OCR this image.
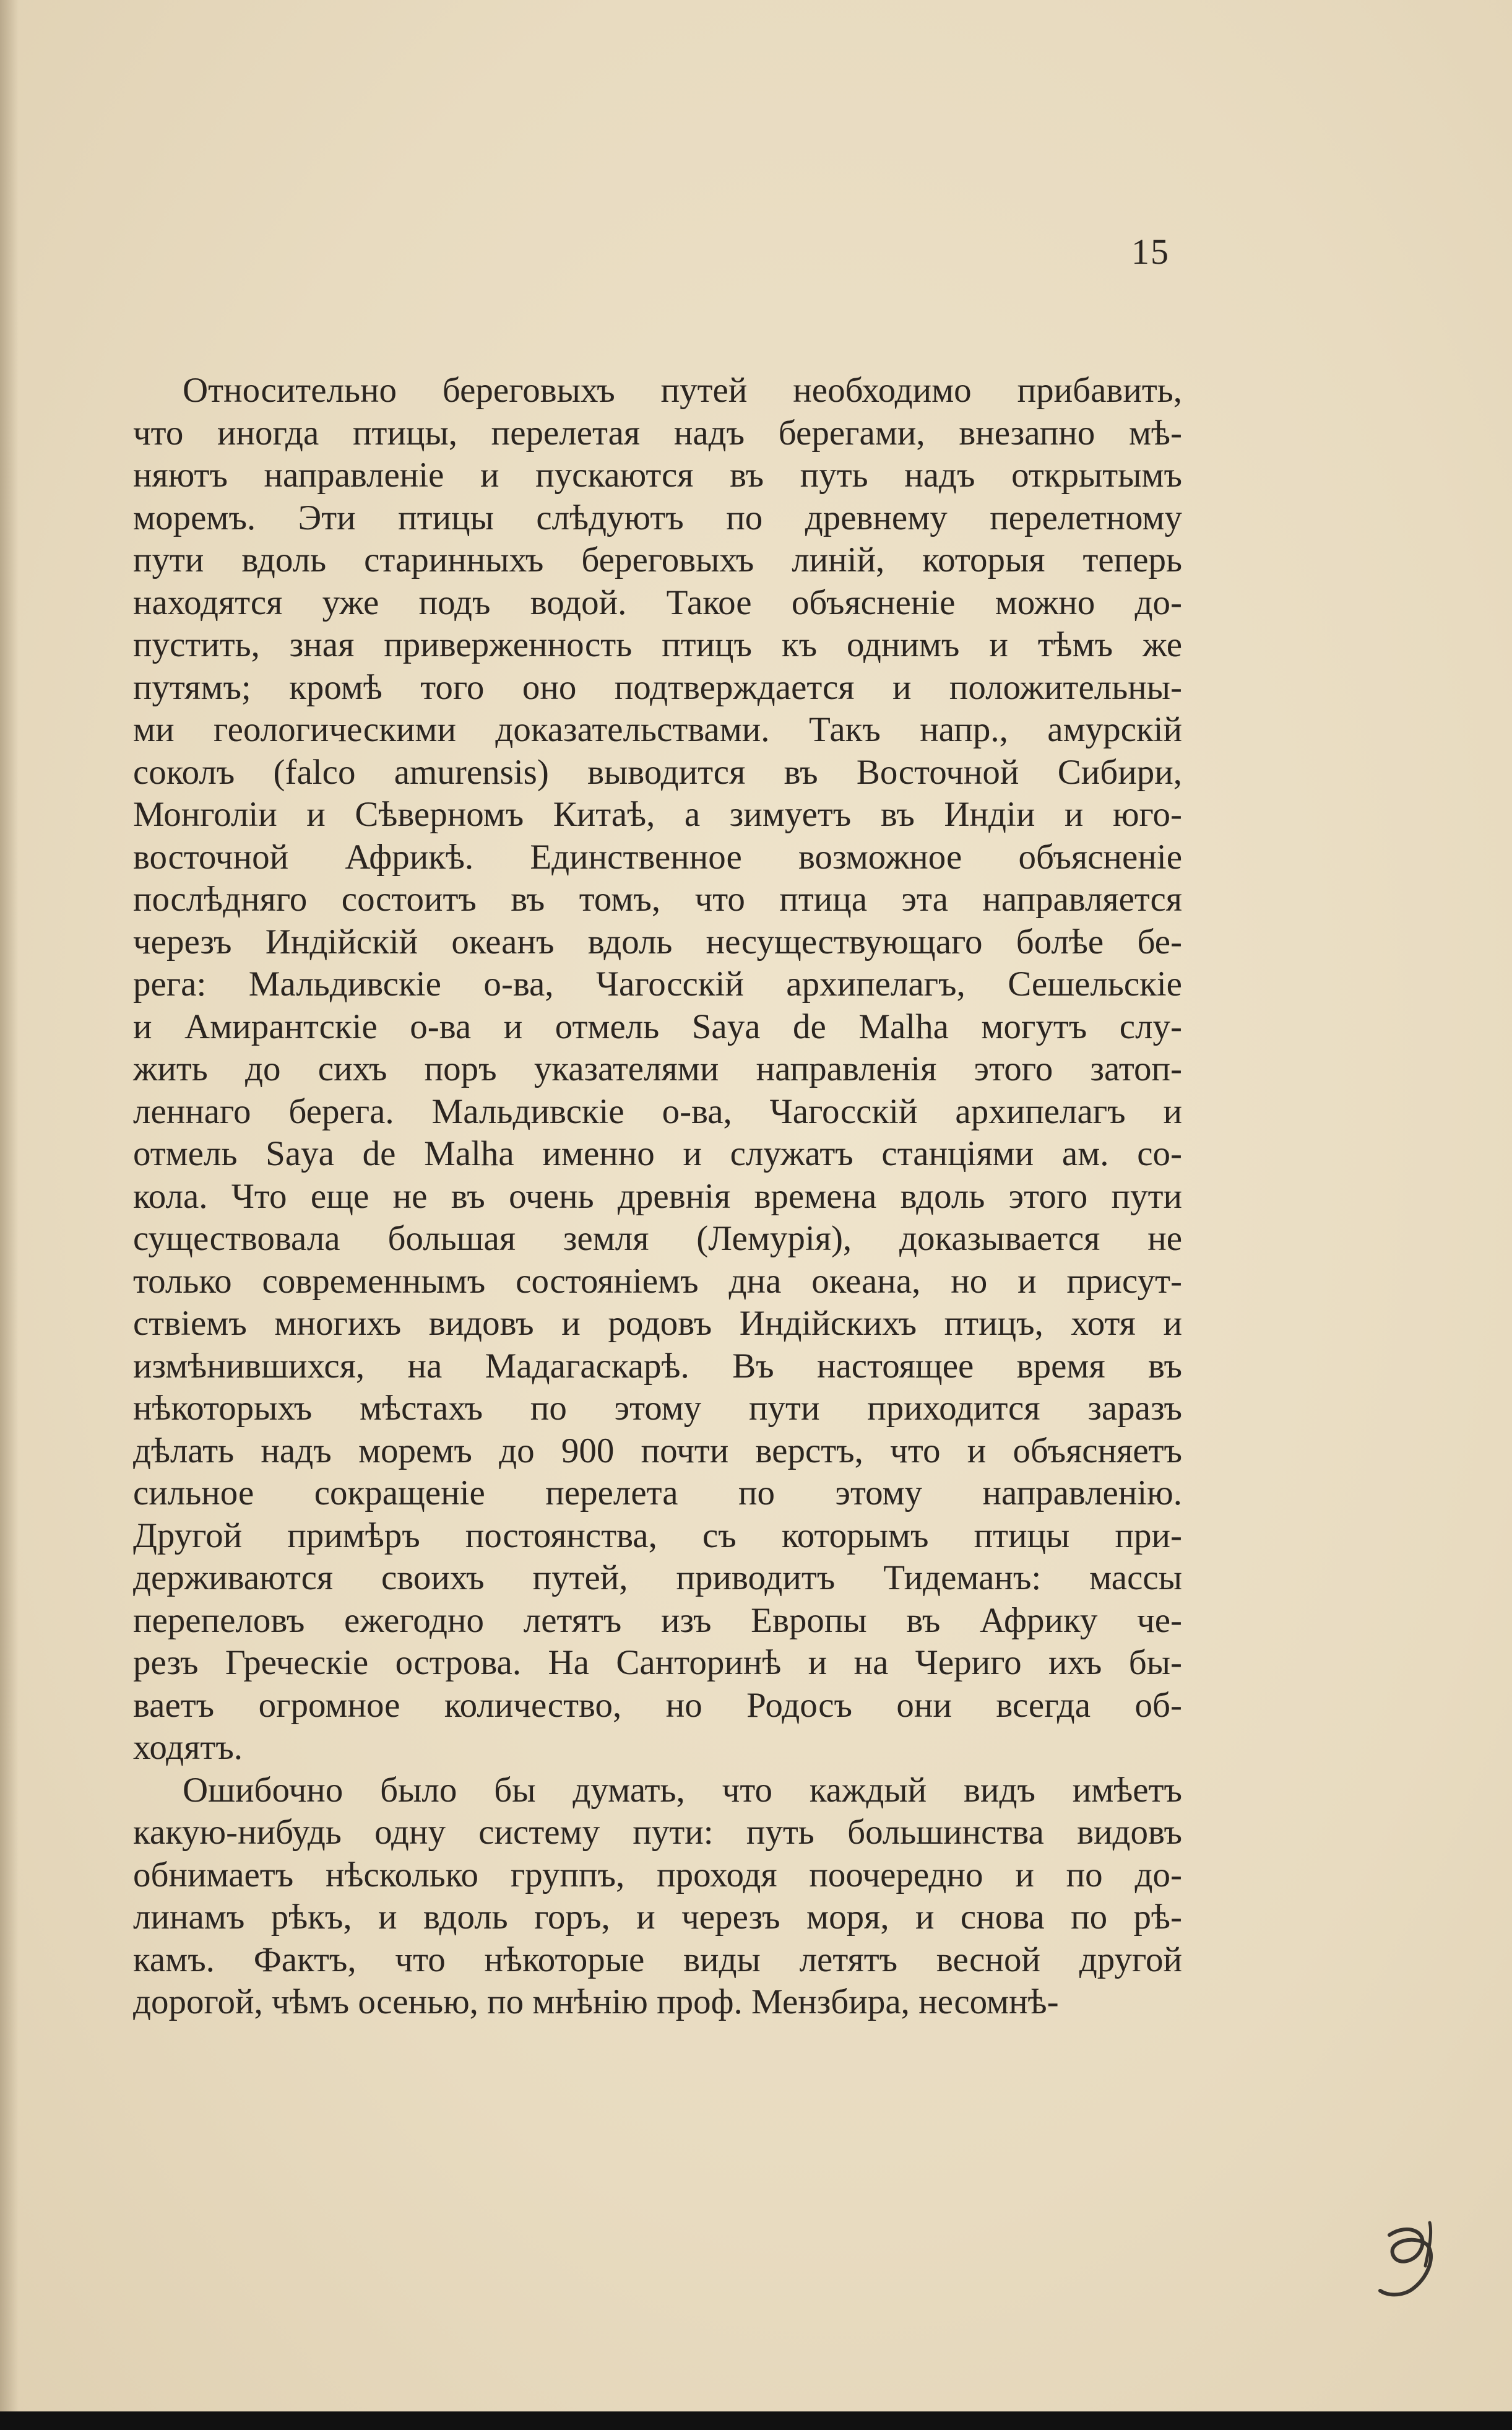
15
Относительно береговыхъ путей необходимо прибавить,
что иногда птицы, перелетая надъ берегами, внезапно мѣ-
няютъ направленіе и пускаются въ путь надъ открытымъ
моремъ. Эти птицы слѣдуютъ по древнему перелетному
пути вдоль старинныхъ береговыхъ линій, которыя теперь
находятся уже подъ водой. Такое объясненіе можно до-
пустить, зная приверженность птицъ къ однимъ и тѣмъ же
путямъ; кромѣ того оно подтверждается и положительны-
ми геологическими доказательствами. Такъ напр., амурскій
соколъ (falco amurensis) выводится въ Восточной Сибири,
Монголіи и Сѣверномъ Китаѣ, а зимуетъ въ Индіи и юго-
восточной Африкѣ. Единственное возможное объясненіе
послѣдняго состоитъ въ томъ, что птица эта направляется
черезъ Индійскій океанъ вдоль несуществующаго болѣе бе-
рега: Мальдивскіе о-ва, Чагосскій архипелагъ, Сешельскіе
и Амирантскіе о-ва и отмель Saya de Malha могутъ слу-
жить до сихъ поръ указателями направленія этого затоп-
леннаго берега. Мальдивскіе о-ва, Чагосскій архипелагъ и
отмель Saya de Malha именно и служатъ станціями ам. со-
кола. Что еще не въ очень древнія времена вдоль этого пути
существовала большая земля (Лемурія), доказывается не
только современнымъ состояніемъ дна океана, но и присут-
ствіемъ многихъ видовъ и родовъ Индійскихъ птицъ, хотя и
измѣнившихся, на Мадагаскарѣ. Въ настоящее время въ
нѣкоторыхъ мѣстахъ по этому пути приходится заразъ
дѣлать надъ моремъ до 900 почти верстъ, что и объясняетъ
сильное сокращеніе перелета по этому направленію.
Другой примѣръ постоянства, съ которымъ птицы при-
держиваются своихъ путей, приводитъ Тидеманъ: массы
перепеловъ ежегодно летятъ изъ Европы въ Африку че-
резъ Греческіе острова. На Санторинѣ и на Чериго ихъ бы-
ваетъ огромное количество, но Родосъ они всегда об-
ходятъ.
Ошибочно было бы думать, что каждый видъ имѣетъ
какую-нибудь одну систему пути: путь большинства видовъ
обнимаетъ нѣсколько группъ, проходя поочередно и по до-
линамъ рѣкъ, и вдоль горъ, и черезъ моря, и снова по рѣ-
камъ. Фактъ, что нѣкоторые виды летятъ весной другой
дорогой, чѣмъ осенью, по мнѣнію проф. Мензбира, несомнѣ-
